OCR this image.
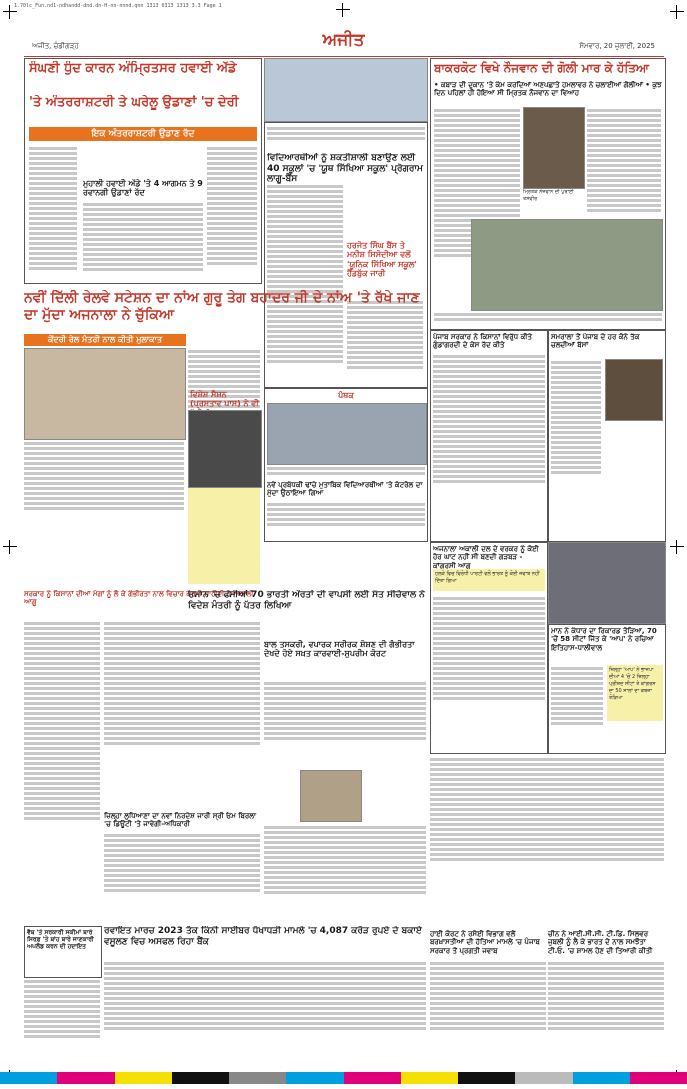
1.70lc_Fun.nd1-ndhandd-dnd.dn-H-nn-nnnd.qnn 1313 0313 1313 3.3 Fage 1
ਅਜੀਤ
ਅਜੀਤ, ਚੰਡੀਗੜ੍ਹ	ਸੋਮਵਾਰ, 20 ਜ਼ੁਲਾਈ, 2025
ਸੰਘਣੀ ਧੁੰਦ ਕਾਰਨ ਅੰਮ੍ਰਿਤਸਰ ਹਵਾਈ ਅੱਡੇ
'ਤੇ ਅੰਤਰਰਾਸ਼ਟਰੀ ਤੇ ਘਰੇਲੂ ਉਡਾਣਾਂ 'ਚ ਦੇਰੀ
ਇਕ ਅੰਤਰਰਾਸ਼ਟਰੀ ਉਡਾਣ ਰੱਦ
ਮੁਹਾਲੀ ਹਵਾਈ ਅੱਡੇ 'ਤੇ 4 ਆਗਮਨ ਤੇ 9 ਰਵਾਨਗੀ ਉਡਾਣਾਂ ਰੱਦ
ਵਿਦਿਆਰਥੀਆਂ ਨੂੰ ਸ਼ਕਤੀਸ਼ਾਲੀ ਬਣਾਉਣ ਲਈ 40 ਸਕੂਲਾਂ 'ਚ 'ਯੂਥ ਸਿੱਖਿਆ ਸਕੂਲ' ਪ੍ਰੋਗਰਾਮ ਲਾਗੂ-ਬੈਂਸ
ਹਰਜੋਤ ਸਿੰਘ ਬੈਂਸ ਤੇ ਮਨੀਸ਼ ਸਿਸੋਦੀਆ ਵਲੋਂ 'ਯੂਨਿਕ ਸਿੱਖਿਆ ਸਕੂਲ' ਹੈਂਡਬੁੱਕ ਜਾਰੀ
ਬਾਕਰਕੋਟ ਵਿਖੇ ਨੌਜਵਾਨ ਦੀ ਗੋਲੀ ਮਾਰ ਕੇ ਹੱਤਿਆ
• ਕਬਾੜ ਦੀ ਦੁਕਾਨ 'ਤੇ ਕੰਮ ਕਰਦਿਆਂ ਅਣਪਛਾਤੇ ਹਮਲਾਵਰ ਨੇ ਚਲਾਈਆਂ ਗੋਲੀਆਂ • ਕੁਝ ਦਿਨ ਪਹਿਲਾਂ ਹੀ ਹੋਇਆ ਸੀ ਮ੍ਰਿਤਕ ਨੌਜਵਾਨ ਦਾ ਵਿਆਹ
ਮ੍ਰਿਤਕ ਨੌਜਵਾਨ ਦੀ ਪੁਰਾਣੀ ਤਸਵੀਰ
ਨਵੀਂ ਦਿੱਲੀ ਰੇਲਵੇ ਸਟੇਸ਼ਨ ਦਾ ਨਾਂਅ ਗੁਰੂ ਤੇਗ ਬਹਾਦਰ ਜੀ ਦੇ ਨਾਂਅ 'ਤੇ ਰੱਖੇ ਜਾਣ ਦਾ ਮੁੱਦਾ ਅਜਨਾਲਾ ਨੇ ਚੁੱਕਿਆ
ਕੇਂਦਰੀ ਰੇਲ ਮੰਤਰੀ ਨਾਲ ਕੀਤੀ ਮੁਲਾਕਾਤ
ਵਿਸ਼ੇਸ਼ ਸੈਸ਼ਨ (ਪ੍ਰਸਤਾਵ ਪਾਸ) ਨੇ ਵੀ
ਪੰਥਕ
ਨਵੇਂ ਪ੍ਰਬੰਧਕੀ ਢਾਂਚੇ ਮੁਤਾਬਿਕ ਵਿਦਿਆਰਥੀਆਂ 'ਤੇ ਕੰਟਰੋਲ ਦਾ ਮੁੱਦਾ ਉਠਾਇਆ ਗਿਆ
ਪੰਜਾਬ ਸਰਕਾਰ ਨੇ ਕਿਸਾਨਾਂ ਵਿਰੁੱਧ ਕੀਤੇ ਗੁੰਡਾਗਰਦੀ ਦੇ ਕੇਸ ਰੱਦ ਕੀਤੇ
ਸਮਰਾਲਾ ਤੋਂ ਪੰਜਾਬ ਦੇ ਹਰ ਕੋਨੇ ਤੱਕ ਚਲਦੀਆਂ ਬੱਸਾਂ
ਸਰਕਾਰ ਨੂੰ ਕਿਸਾਨਾਂ ਦੀਆਂ ਮੰਗਾਂ ਨੂੰ ਲੈ ਕੇ ਗੰਭੀਰਤਾ ਨਾਲ ਵਿਚਾਰ ਕਰਨੀ ਚਾਹੀਦੀ ਹੈ-ਅਕਾਲੀ ਆਗੂ
ਓਮਾਨ 'ਚ ਫਸੀਆਂ 70 ਭਾਰਤੀ ਔਰਤਾਂ ਦੀ ਵਾਪਸੀ ਲਈ ਸੰਤ ਸੀਚੇਵਾਲ ਨੇ ਵਿਦੇਸ਼ ਮੰਤਰੀ ਨੂੰ ਪੱਤਰ ਲਿਖਿਆ
ਜ਼ਿਲ੍ਹਾ ਲੁਧਿਆਣਾ ਦਾ ਨਵਾਂ ਨਿਰਦੇਸ਼ ਜਾਰੀ ਸ੍ਰੀ ਓਮ ਬਿਰਲਾ 'ਚ ਡਿਊਟੀ 'ਤੇ ਜਾਵੇਗੀ-ਅਧਿਕਾਰੀ
ਬਾਲ ਤਸਕਰੀ, ਵਪਾਰਕ ਸਰੀਰਕ ਸ਼ੋਸ਼ਣ ਦੀ ਗੰਭੀਰਤਾ ਦੇਖਦੇ ਹੋਏ ਸਖ਼ਤ ਕਾਰਵਾਈ-ਸੁਪਰੀਮ ਕੋਰਟ
ਅਜਨਾਲਾ ਅਕਾਲੀ ਦਲ ਦੇ ਵਰਕਰ ਨੂੰ ਕੋਈ ਹੋਰ ਘਾਟ ਨਹੀਂ ਸੀ ਬਣਦੀ ਗੜਬੜ - ਕਾਂਗਰਸੀ ਆਗੂ
ਹਲਕੇ ਵਿਚ ਵਿਰੋਧੀ ਪਾਰਟੀ ਵਲੋਂ ਭਾਰਤ ਨੂੰ ਕੋਈ ਜਵਾਬ ਨਹੀਂ ਦਿੱਤਾ ਗਿਆ
ਮਾਨ ਨੇ ਕੰਧਾਰ ਦਾ ਰਿਕਾਰਡ ਤੋੜਿਆ, 70 'ਚੋਂ 58 ਸੀਟਾਂ ਜਿੱਤ ਕੇ 'ਆਪ' ਨੇ ਰਚਿਆ ਇਤਿਹਾਸ-ਧਾਲੀਵਾਲ
ਜ਼ਿਲ੍ਹਾ 'ਆਪ' ਨੇ ਭਾਜਪਾ ਦੀਆਂ 4 'ਚੋਂ 2 ਜ਼ਿਲ੍ਹਾ ਪ੍ਰੀਸ਼ਦ ਸੀਟਾਂ ਤੇ ਕਾਂਗਰਸ ਦਾ 50 ਸਾਲਾਂ ਦਾ ਕਬਜ਼ਾ ਤੋੜਿਆ
ਵੈਬ 'ਤੇ ਸਰਕਾਰੀ ਸਕੀਮਾਂ ਬਾਰੇ ਸਿਰਫ਼ 'ਤੇ ਬਾਂਹ ਬਾਰੇ ਜਾਣਕਾਰੀ ਅਪਲੋਡ ਕਰਨ ਦੀ ਹਦਾਇਤ
ਰਵਾਇਤ ਮਾਰਚ 2023 ਤੱਕ ਕਿੰਨੀ ਸਾਈਬਰ ਧੋਖਾਧੜੀ ਮਾਮਲੇ 'ਚ 4,087 ਕਰੋੜ ਰੁਪਏ ਦੇ ਬਕਾਏ ਵਸੂਲਣ ਵਿਚ ਅਸਫਲ ਰਿਹਾ ਬੈਂਕ
ਹਾਈ ਕੋਰਟ ਨੇ ਰਸੋਈ ਵਿਭਾਗ ਵਲੋਂ ਬਰਖ਼ਾਸਤੀਆਂ ਦੀ ਹੱਤਿਆ ਮਾਮਲੇ 'ਚ ਪੰਜਾਬ ਸਰਕਾਰ ਤੋਂ ਪ੍ਰਗਤੀ ਜਵਾਬ
ਚੀਨ ਨੇ ਆਈ.ਸੀ.ਸੀ. ਟੀ.ਡਿ. ਸਿਲਵਰ ਜੁਬਲੀ ਨੂੰ ਲੈ ਕੇ ਭਾਰਤ ਦੇ ਨਾਲ ਸਮਝੌਤਾ ਟੀ.ਓ. 'ਚ ਸ਼ਾਮਲ ਹੋਣ ਦੀ ਤਿਆਰੀ ਕੀਤੀ
